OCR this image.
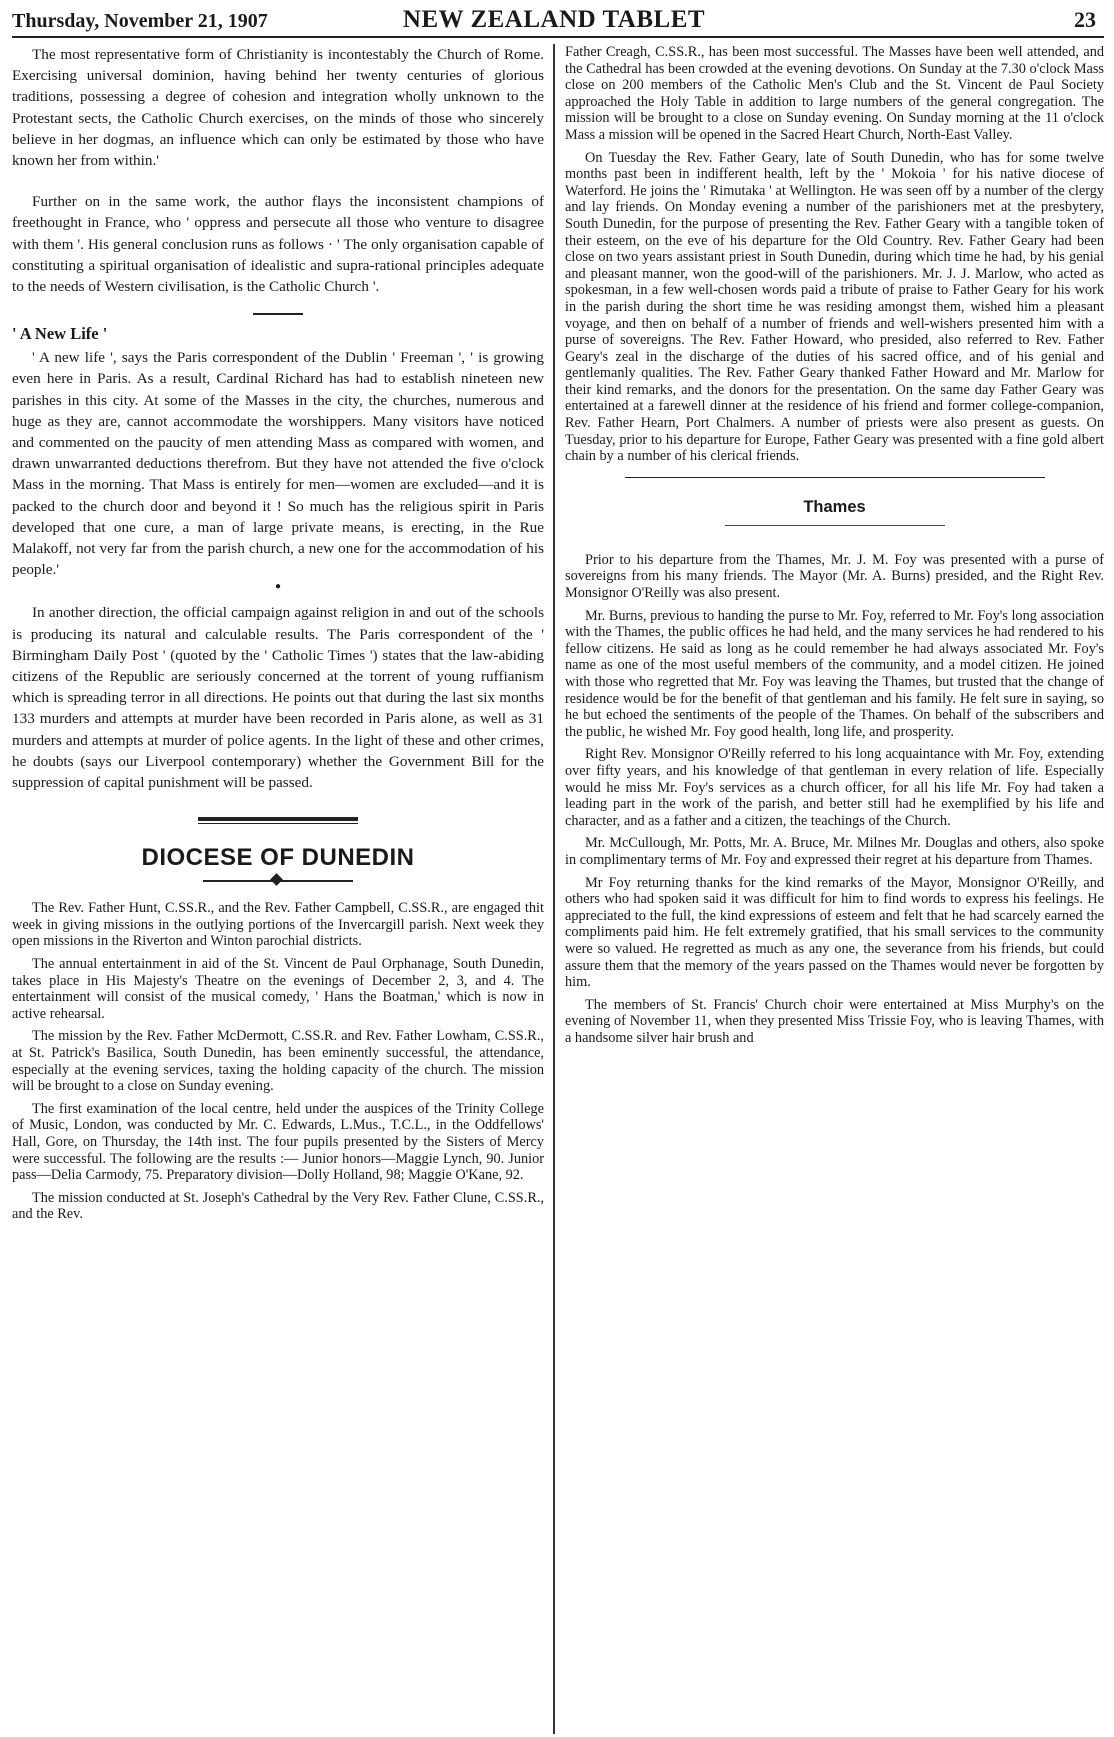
Thursday, November 21, 1907	NEW ZEALAND TABLET	23

The most representative form of Christianity is incontestably the Church of Rome. Exercising universal dominion, having behind her twenty centuries of glorious traditions, possessing a degree of cohesion and integration wholly unknown to the Protestant sects, the Catholic Church exercises, on the minds of those who sincerely believe in her dogmas, an influence which can only be estimated by those who have known her from within.'

Further on in the same work, the author flays the inconsistent champions of freethought in France, who ' oppress and persecute all those who venture to disagree with them '. His general conclusion runs as follows · ' The only organisation capable of constituting a spiritual organisation of idealistic and supra-rational principles adequate to the needs of Western civilisation, is the Catholic Church '.

' A New Life '

' A new life ', says the Paris correspondent of the Dublin ' Freeman ', ' is growing even here in Paris. As a result, Cardinal Richard has had to establish nineteen new parishes in this city. At some of the Masses in the city, the churches, numerous and huge as they are, cannot accommodate the worshippers. Many visitors have noticed and commented on the paucity of men attending Mass as compared with women, and drawn unwarranted deductions therefrom. But they have not attended the five o'clock Mass in the morning. That Mass is entirely for men—women are excluded—and it is packed to the church door and beyond it ! So much has the religious spirit in Paris developed that one cure, a man of large private means, is erecting, in the Rue Malakoff, not very far from the parish church, a new one for the accommodation of his people.'

●

In another direction, the official campaign against religion in and out of the schools is producing its natural and calculable results. The Paris correspondent of the ' Birmingham Daily Post ' (quoted by the ' Catholic Times ') states that the law-abiding citizens of the Republic are seriously concerned at the torrent of young ruffianism which is spreading terror in all directions. He points out that during the last six months 133 murders and attempts at murder have been recorded in Paris alone, as well as 31 murders and attempts at murder of police agents. In the light of these and other crimes, he doubts (says our Liverpool contemporary) whether the Government Bill for the suppression of capital punishment will be passed.

DIOCESE OF DUNEDIN

The Rev. Father Hunt, C.SS.R., and the Rev. Father Campbell, C.SS.R., are engaged thit week in giving missions in the outlying portions of the Invercargill parish. Next week they open missions in the Riverton and Winton parochial districts.

The annual entertainment in aid of the St. Vincent de Paul Orphanage, South Dunedin, takes place in His Majesty's Theatre on the evenings of December 2, 3, and 4. The entertainment will consist of the musical comedy, ' Hans the Boatman,' which is now in active rehearsal.

The mission by the Rev. Father McDermott, C.SS.R. and Rev. Father Lowham, C.SS.R., at St. Patrick's Basilica, South Dunedin, has been eminently successful, the attendance, especially at the evening services, taxing the holding capacity of the church. The mission will be brought to a close on Sunday evening.

The first examination of the local centre, held under the auspices of the Trinity College of Music, London, was conducted by Mr. C. Edwards, L.Mus., T.C.L., in the Oddfellows' Hall, Gore, on Thursday, the 14th inst. The four pupils presented by the Sisters of Mercy were successful. The following are the results :— Junior honors—Maggie Lynch, 90. Junior pass—Delia Carmody, 75. Preparatory division—Dolly Holland, 98; Maggie O'Kane, 92.

The mission conducted at St. Joseph's Cathedral by the Very Rev. Father Clune, C.SS.R., and the Rev.

Father Creagh, C.SS.R., has been most successful. The Masses have been well attended, and the Cathedral has been crowded at the evening devotions. On Sunday at the 7.30 o'clock Mass close on 200 members of the Catholic Men's Club and the St. Vincent de Paul Society approached the Holy Table in addition to large numbers of the general congregation. The mission will be brought to a close on Sunday evening. On Sunday morning at the 11 o'clock Mass a mission will be opened in the Sacred Heart Church, North-East Valley.

On Tuesday the Rev. Father Geary, late of South Dunedin, who has for some twelve months past been in indifferent health, left by the ' Mokoia ' for his native diocese of Waterford. He joins the ' Rimutaka ' at Wellington. He was seen off by a number of the clergy and lay friends. On Monday evening a number of the parishioners met at the presbytery, South Dunedin, for the purpose of presenting the Rev. Father Geary with a tangible token of their esteem, on the eve of his departure for the Old Country. Rev. Father Geary had been close on two years assistant priest in South Dunedin, during which time he had, by his genial and pleasant manner, won the good-will of the parishioners. Mr. J. J. Marlow, who acted as spokesman, in a few well-chosen words paid a tribute of praise to Father Geary for his work in the parish during the short time he was residing amongst them, wished him a pleasant voyage, and then on behalf of a number of friends and well-wishers presented him with a purse of sovereigns. The Rev. Father Howard, who presided, also referred to Rev. Father Geary's zeal in the discharge of the duties of his sacred office, and of his genial and gentlemanly qualities. The Rev. Father Geary thanked Father Howard and Mr. Marlow for their kind remarks, and the donors for the presentation. On the same day Father Geary was entertained at a farewell dinner at the residence of his friend and former college-companion, Rev. Father Hearn, Port Chalmers. A number of priests were also present as guests. On Tuesday, prior to his departure for Europe, Father Geary was presented with a fine gold albert chain by a number of his clerical friends.

Thames

Prior to his departure from the Thames, Mr. J. M. Foy was presented with a purse of sovereigns from his many friends. The Mayor (Mr. A. Burns) presided, and the Right Rev. Monsignor O'Reilly was also present.

Mr. Burns, previous to handing the purse to Mr. Foy, referred to Mr. Foy's long association with the Thames, the public offices he had held, and the many services he had rendered to his fellow citizens. He said as long as he could remember he had always associated Mr. Foy's name as one of the most useful members of the community, and a model citizen. He joined with those who regretted that Mr. Foy was leaving the Thames, but trusted that the change of residence would be for the benefit of that gentleman and his family. He felt sure in saying, so he but echoed the sentiments of the people of the Thames. On behalf of the subscribers and the public, he wished Mr. Foy good health, long life, and prosperity.

Right Rev. Monsignor O'Reilly referred to his long acquaintance with Mr. Foy, extending over fifty years, and his knowledge of that gentleman in every relation of life. Especially would he miss Mr. Foy's services as a church officer, for all his life Mr. Foy had taken a leading part in the work of the parish, and better still had he exemplified by his life and character, and as a father and a citizen, the teachings of the Church.

Mr. McCullough, Mr. Potts, Mr. A. Bruce, Mr. Milnes Mr. Douglas and others, also spoke in complimentary terms of Mr. Foy and expressed their regret at his departure from Thames.

Mr Foy returning thanks for the kind remarks of the Mayor, Monsignor O'Reilly, and others who had spoken said it was difficult for him to find words to express his feelings. He appreciated to the full, the kind expressions of esteem and felt that he had scarcely earned the compliments paid him. He felt extremely gratified, that his small services to the community were so valued. He regretted as much as any one, the severance from his friends, but could assure them that the memory of the years passed on the Thames would never be forgotten by him.

The members of St. Francis' Church choir were entertained at Miss Murphy's on the evening of November 11, when they presented Miss Trissie Foy, who is leaving Thames, with a handsome silver hair brush and
